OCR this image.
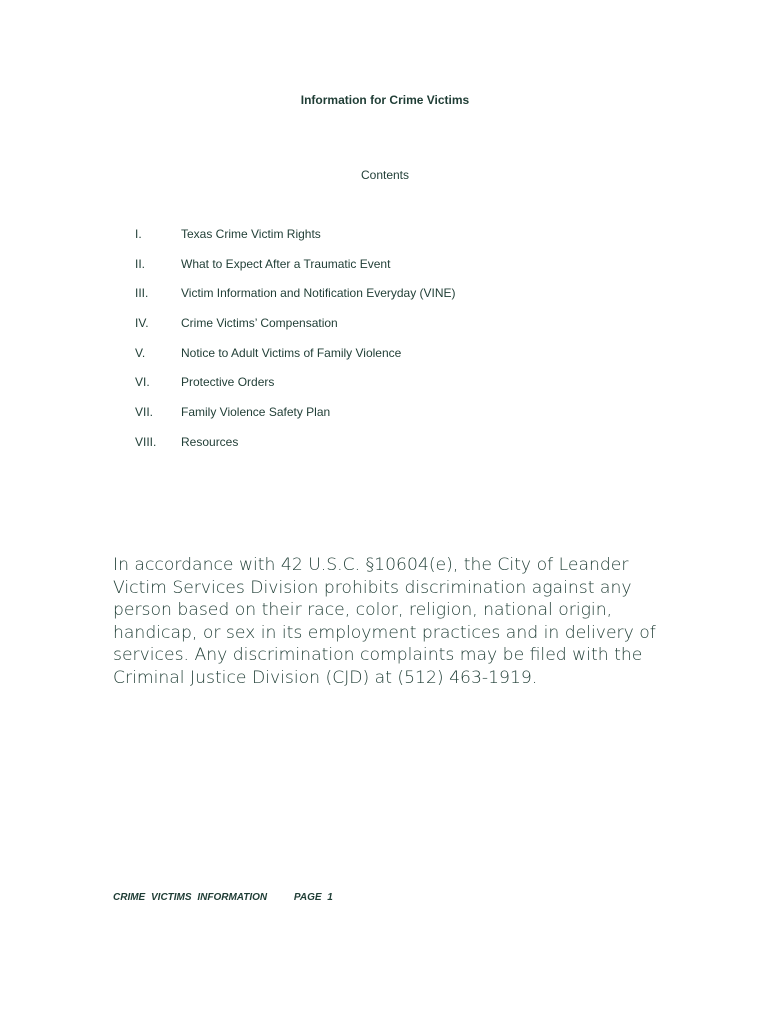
Information for Crime Victims
Contents
I.	Texas Crime Victim Rights
II.	What to Expect After a Traumatic Event
III.	Victim Information and Notification Everyday (VINE)
IV.	Crime Victims’ Compensation
V.	Notice to Adult Victims of Family Violence
VI.	Protective Orders
VII.	Family Violence Safety Plan
VIII.	Resources

In accordance with 42 U.S.C. §10604(e), the City of Leander Victim Services Division prohibits discrimination against any person based on their race, color, religion, national origin, handicap, or sex in its employment practices and in delivery of services. Any discrimination complaints may be filed with the Criminal Justice Division (CJD) at (512) 463-1919.

CRIME VICTIMS INFORMATION	PAGE 1
